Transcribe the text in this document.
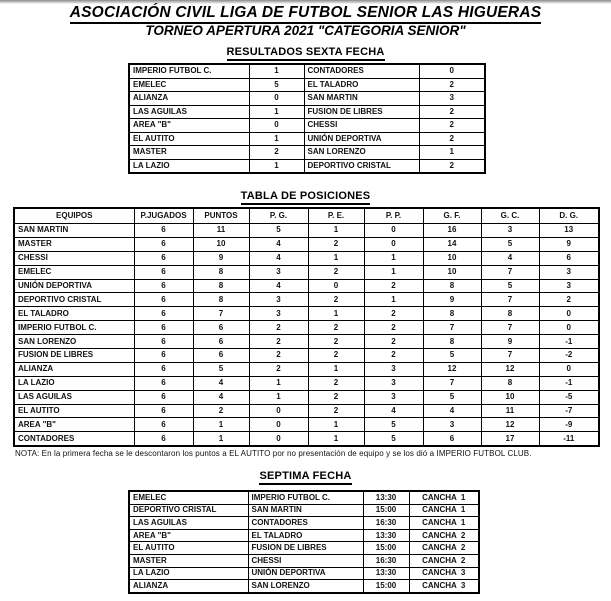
ASOCIACIÓN CIVIL LIGA DE FUTBOL SENIOR LAS HIGUERAS
TORNEO APERTURA 2021 "CATEGORIA SENIOR"
RESULTADOS SEXTA FECHA
IMPERIO FUTBOL C.	1	CONTADORES	0
EMELEC	5	EL TALADRO	2
ALIANZA	0	SAN MARTIN	3
LAS AGUILAS	1	FUSION DE LIBRES	2
AREA "B"	0	CHESSI	2
EL AUTITO	1	UNIÓN DEPORTIVA	2
MASTER	2	SAN LORENZO	1
LA LAZIO	1	DEPORTIVO CRISTAL	2
TABLA DE POSICIONES
EQUIPOS	P.JUGADOS	PUNTOS	P. G.	P. E.	P. P.	G. F.	G. C.	D. G.
SAN MARTIN	6	11	5	1	0	16	3	13
MASTER	6	10	4	2	0	14	5	9
CHESSI	6	9	4	1	1	10	4	6
EMELEC	6	8	3	2	1	10	7	3
UNIÓN DEPORTIVA	6	8	4	0	2	8	5	3
DEPORTIVO CRISTAL	6	8	3	2	1	9	7	2
EL TALADRO	6	7	3	1	2	8	8	0
IMPERIO FUTBOL C.	6	6	2	2	2	7	7	0
SAN LORENZO	6	6	2	2	2	8	9	-1
FUSION DE LIBRES	6	6	2	2	2	5	7	-2
ALIANZA	6	5	2	1	3	12	12	0
LA LAZIO	6	4	1	2	3	7	8	-1
LAS AGUILAS	6	4	1	2	3	5	10	-5
EL AUTITO	6	2	0	2	4	4	11	-7
AREA "B"	6	1	0	1	5	3	12	-9
CONTADORES	6	1	0	1	5	6	17	-11
NOTA: En la primera fecha se le descontaron los puntos a EL AUTITO por no presentación de equipo y se los dió a IMPERIO FUTBOL CLUB.
SEPTIMA FECHA
EMELEC	IMPERIO FUTBOL C.	13:30	CANCHA  1
DEPORTIVO CRISTAL	SAN MARTIN	15:00	CANCHA  1
LAS AGUILAS	CONTADORES	16:30	CANCHA  1
AREA "B"	EL TALADRO	13:30	CANCHA  2
EL AUTITO	FUSION DE LIBRES	15:00	CANCHA  2
MASTER	CHESSI	16:30	CANCHA  2
LA LAZIO	UNIÓN DEPORTIVA	13:30	CANCHA  3
ALIANZA	SAN LORENZO	15:00	CANCHA  3
